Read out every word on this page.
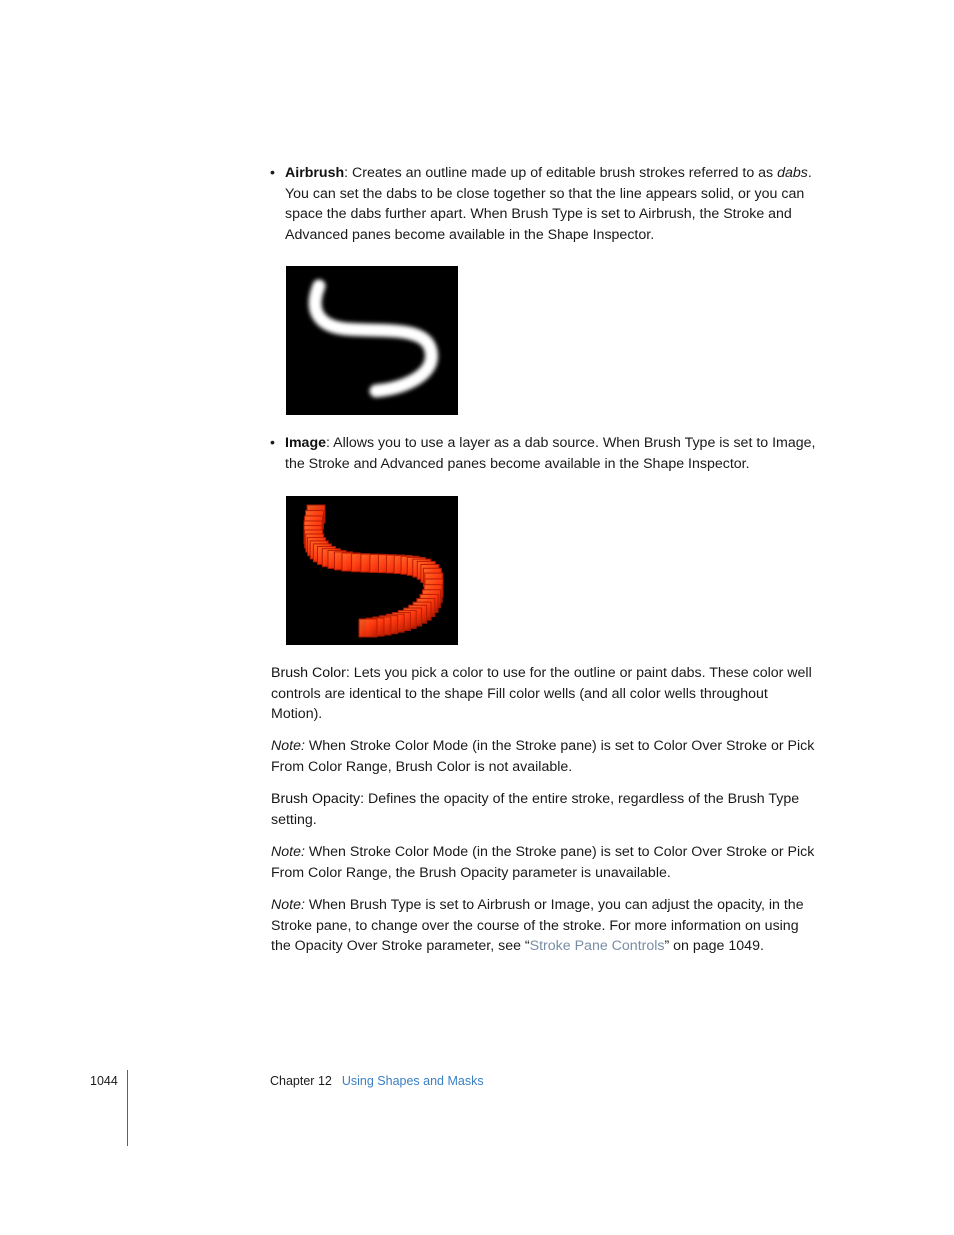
• Airbrush: Creates an outline made up of editable brush strokes referred to as dabs. You can set the dabs to be close together so that the line appears solid, or you can space the dabs further apart. When Brush Type is set to Airbrush, the Stroke and Advanced panes become available in the Shape Inspector.
• Image: Allows you to use a layer as a dab source. When Brush Type is set to Image, the Stroke and Advanced panes become available in the Shape Inspector.

Brush Color: Lets you pick a color to use for the outline or paint dabs. These color well controls are identical to the shape Fill color wells (and all color wells throughout Motion).

Note: When Stroke Color Mode (in the Stroke pane) is set to Color Over Stroke or Pick From Color Range, Brush Color is not available.

Brush Opacity: Defines the opacity of the entire stroke, regardless of the Brush Type setting.

Note: When Stroke Color Mode (in the Stroke pane) is set to Color Over Stroke or Pick From Color Range, the Brush Opacity parameter is unavailable.

Note: When Brush Type is set to Airbrush or Image, you can adjust the opacity, in the Stroke pane, to change over the course of the stroke. For more information on using the Opacity Over Stroke parameter, see “Stroke Pane Controls” on page 1049.

1044	Chapter 12 Using Shapes and Masks
